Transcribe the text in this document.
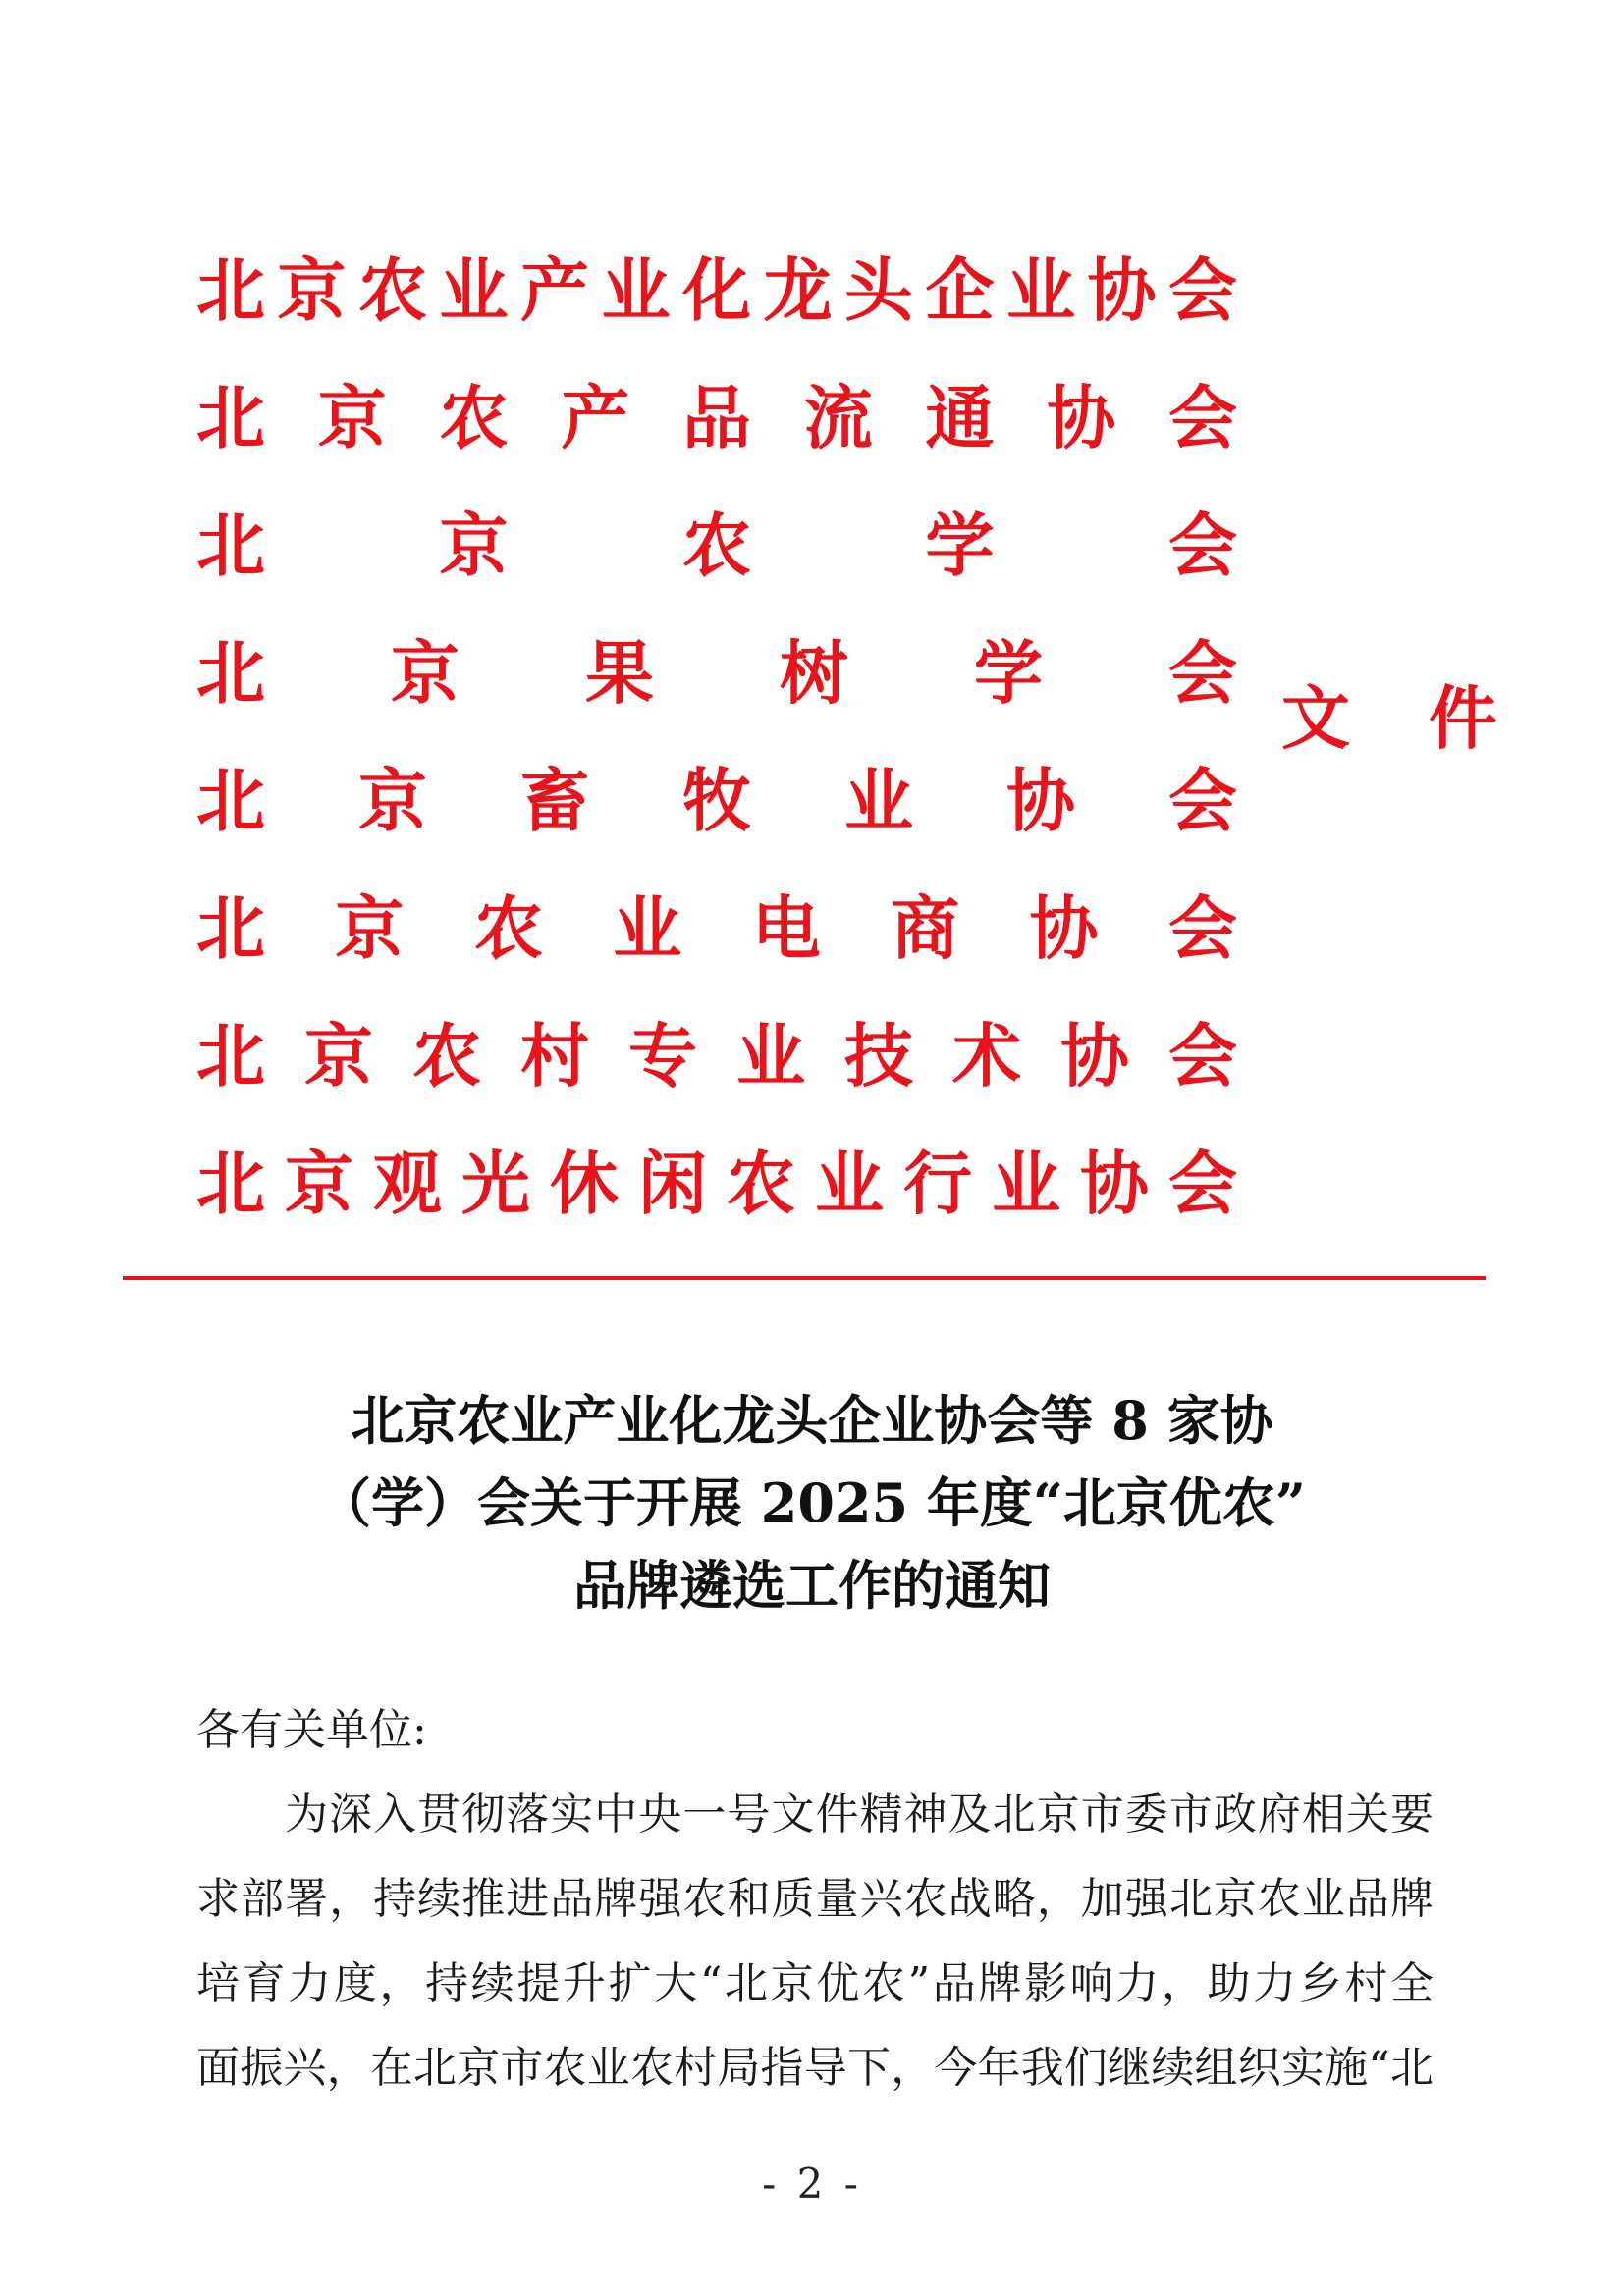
北 京 农 业 产 业 化 龙 头 企 业 协 会
北 京 农 产 品 流 通 协 会
北	京	农	学	会
北 京 果 树 学 会
北 京 畜 牧 业 协 会
北 京 农 业 电 商 协 会
北 京 农 村 专 业 技 术 协 会
北 京 观 光 休 闲 农 业 行 业 协 会
文 件
北京农业产业化龙头企业协会等 8 家协
（学）会关于开展 2025 年度“北京优农”
品牌遴选工作的通知
各有关单位:
为深入贯彻落实中央一号文件精神及北京市委市政府相关要
求部署，持续推进品牌强农和质量兴农战略，加强北京农业品牌
培育力度，持续提升扩大“北京优农”品牌影响力，助力乡村全
面振兴，在北京市农业农村局指导下，今年我们继续组织实施“北
- 2 -
